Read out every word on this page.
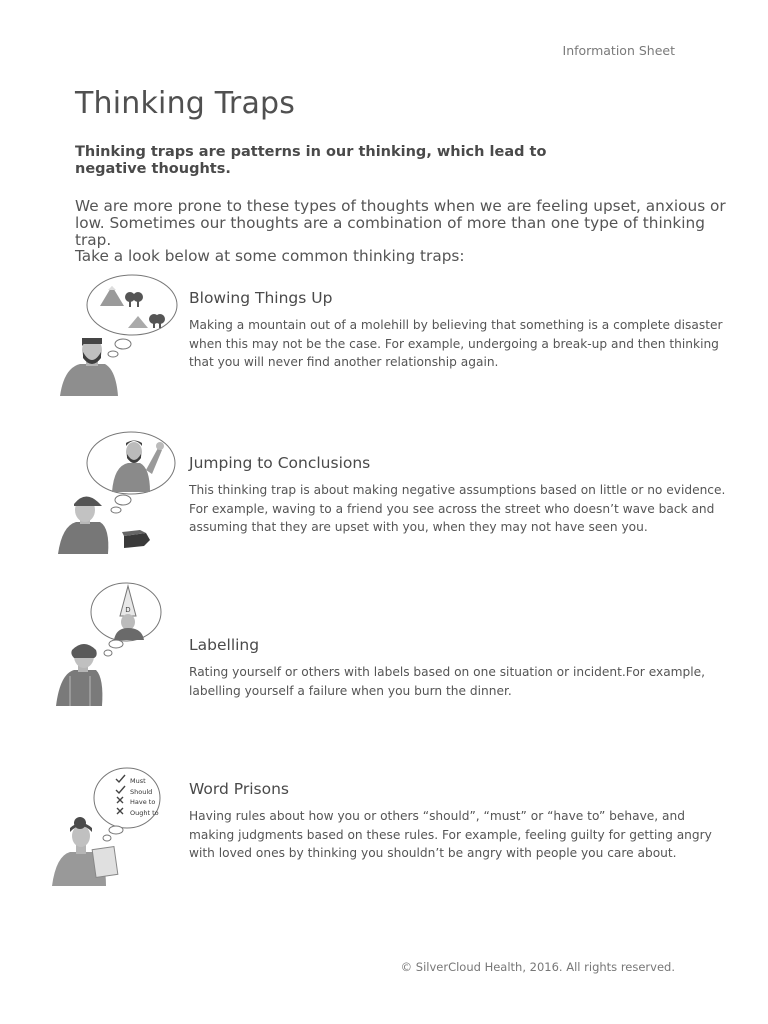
Information Sheet
Thinking Traps
Thinking traps are patterns in our thinking, which lead to negative thoughts.
We are more prone to these types of thoughts when we are feeling upset, anxious or low. Sometimes our thoughts are a combination of more than one type of thinking trap.
Take a look below at some common thinking traps:
Blowing Things Up
Making a mountain out of a molehill by believing that something is a complete disaster when this may not be the case. For example, undergoing a break-up and then thinking that you will never find another relationship again.
Jumping to Conclusions
This thinking trap is about making negative assumptions based on little or no evidence. For example, waving to a friend you see across the street who doesn’t wave back and assuming that they are upset with you, when they may not have seen you.
D
Labelling
Rating yourself or others with labels based on one situation or incident.For example, labelling yourself a failure when you burn the dinner.
Must
Should
Have to
Ought to
Word Prisons
Having rules about how you or others “should”, “must” or “have to” behave, and making judgments based on these rules. For example, feeling guilty for getting angry with loved ones by thinking you shouldn’t be angry with people you care about.
© SilverCloud Health, 2016. All rights reserved.
